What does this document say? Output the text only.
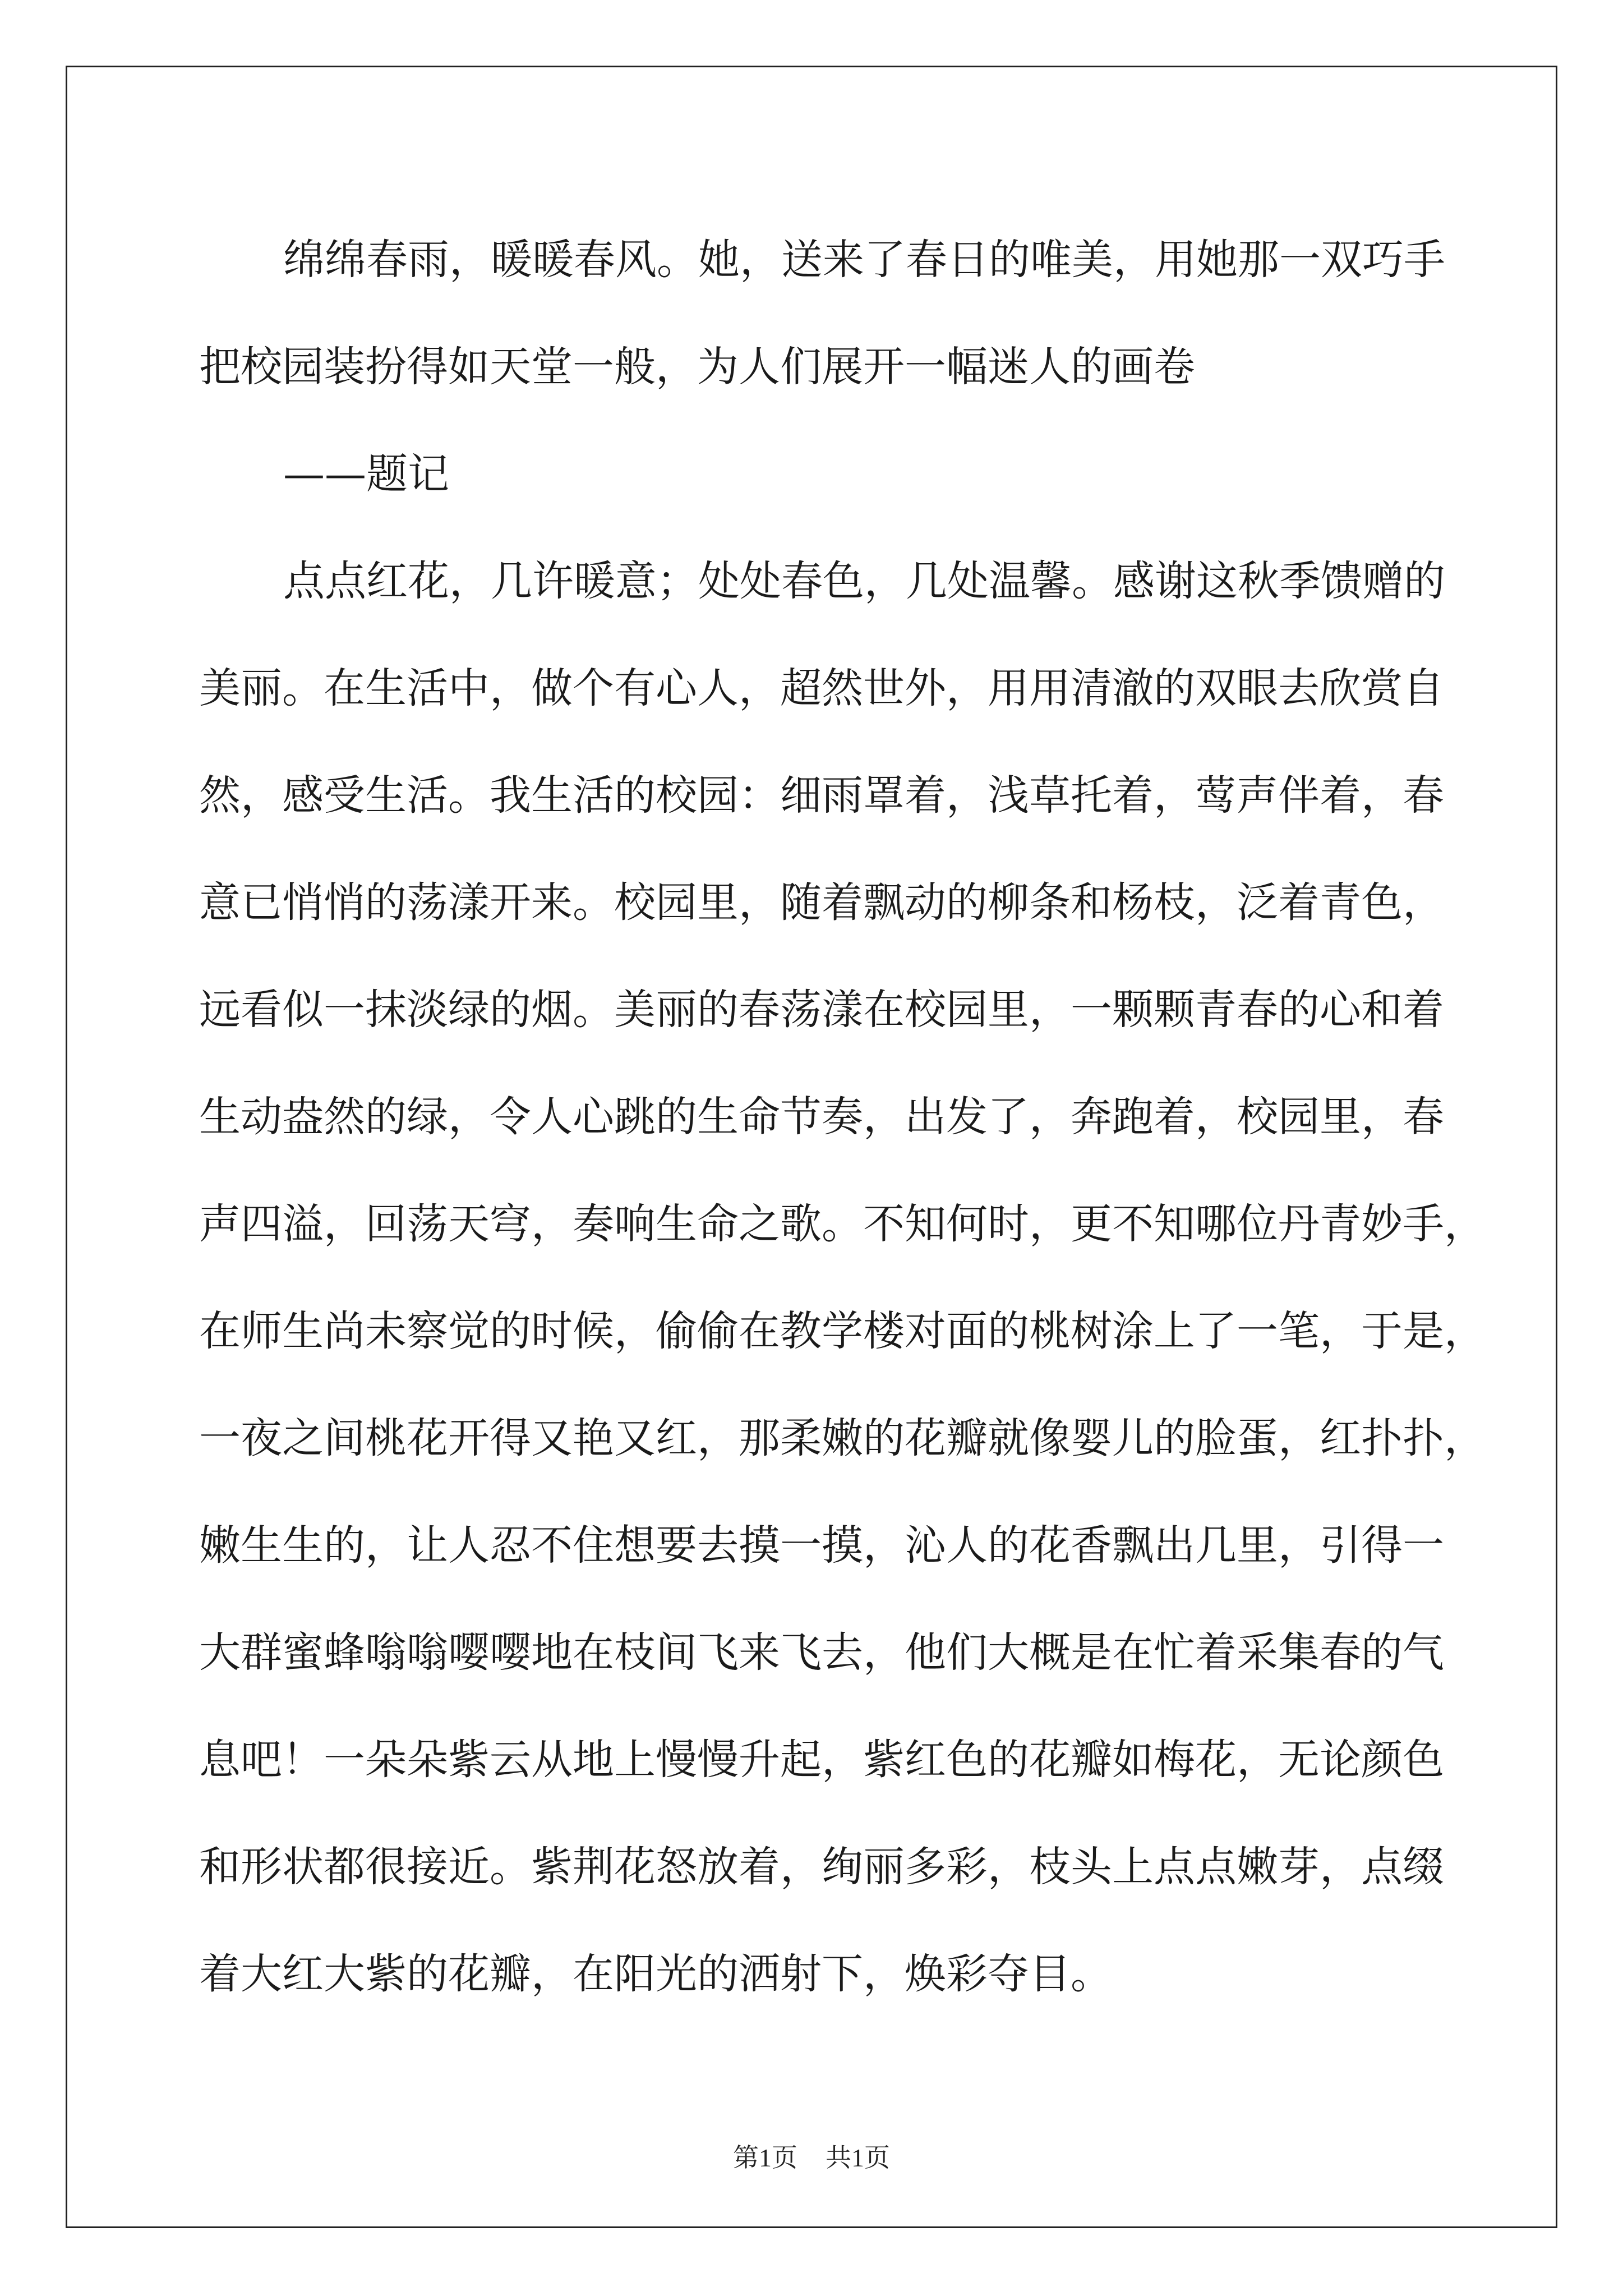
绵绵春雨，暖暖春风。她，送来了春日的唯美，用她那一双巧手
把校园装扮得如天堂一般，为人们展开一幅迷人的画卷
——题记
点点红花，几许暖意；处处春色，几处温馨。感谢这秋季馈赠的
美丽。在生活中，做个有心人，超然世外，用用清澈的双眼去欣赏自
然，感受生活。我生活的校园：细雨罩着，浅草托着，莺声伴着，春
意已悄悄的荡漾开来。校园里，随着飘动的柳条和杨枝，泛着青色，
远看似一抹淡绿的烟。美丽的春荡漾在校园里，一颗颗青春的心和着
生动盎然的绿，令人心跳的生命节奏，出发了，奔跑着，校园里，春
声四溢，回荡天穹，奏响生命之歌。不知何时，更不知哪位丹青妙手，
在师生尚未察觉的时候，偷偷在教学楼对面的桃树涂上了一笔，于是，
一夜之间桃花开得又艳又红，那柔嫩的花瓣就像婴儿的脸蛋，红扑扑，
嫩生生的，让人忍不住想要去摸一摸，沁人的花香飘出几里，引得一
大群蜜蜂嗡嗡嘤嘤地在枝间飞来飞去，他们大概是在忙着采集春的气
息吧！一朵朵紫云从地上慢慢升起，紫红色的花瓣如梅花，无论颜色
和形状都很接近。紫荆花怒放着，绚丽多彩，枝头上点点嫩芽，点缀
着大红大紫的花瓣，在阳光的洒射下，焕彩夺目。
第1页 共1页
